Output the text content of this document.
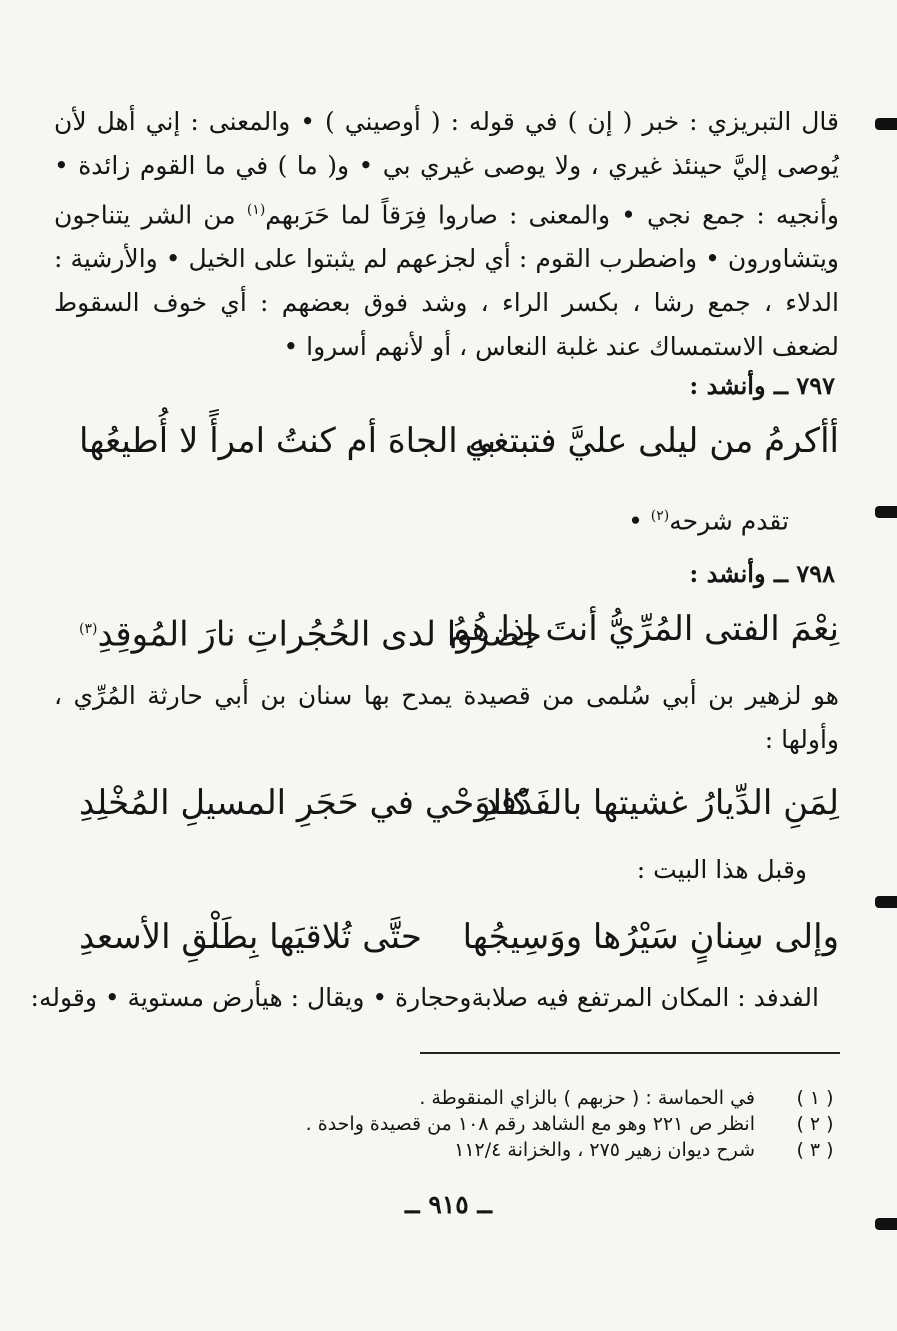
قال التبريزي : خبر ( إن ) في قوله : ( أوصيني ) • والمعنى : إني أهل لأن يُوصى إليَّ حينئذ غيري ، ولا يوصى غيري بي • و( ما ) في ما القوم زائدة • وأنجيه : جمع نجي • والمعنى : صاروا فِرَقاً لما حَرَبهم$^{(١)}$ من الشر يتناجون ويتشاورون • واضطرب القوم : أي لجزعهم لم يثبتوا على الخيل • والأرشية : الدلاء ، جمع رشا ، بكسر الراء ، وشد فوق بعضهم : أي خوف السقوط لضعف الاستمساك عند غلبة النعاس ، أو لأنهم أسروا •
٧٩٧ ــ وأنشد :
أأكرمُ من ليلى عليَّ فتبتغي
به الجاهَ أم كنتُ امرأً لا أُطيعُها
تقدم شرحه$^{(٢)}$ •
٧٩٨ ــ وأنشد :
نِعْمَ الفتى المُرِّيُّ أنتَ إذا هُمُ
حضروا لدى الحُجُراتِ نارَ المُوقِدِ$^{(٣)}$
هو لزهير بن أبي سُلمى من قصيدة يمدح بها سنان بن أبي حارثة المُرِّي ، وأولها :
لِمَنِ الدِّيارُ غشيتها بالفَدْفدِ
كالوَحْي في حَجَرِ المسيلِ المُخْلِدِ
وقبل هذا البيت :
وإلى سِنانٍ سَيْرُها ووَسِيجُها
حتَّى تُلاقيَها بِطَلْقِ الأسعدِ
الفدفد : المكان المرتفع فيه صلابةوحجارة • ويقال : هيأرض مستوية • وقوله:
( ١ )
في الحماسة : ( حزبهم ) بالزاي المنقوطة .
( ٢ )
انظر ص ٢٢١ وهو مع الشاهد رقم ١٠٨ من قصيدة واحدة .
( ٣ )
شرح ديوان زهير ٢٧٥ ، والخزانة ١١٢/٤
ــ ٩١٥ ــ
